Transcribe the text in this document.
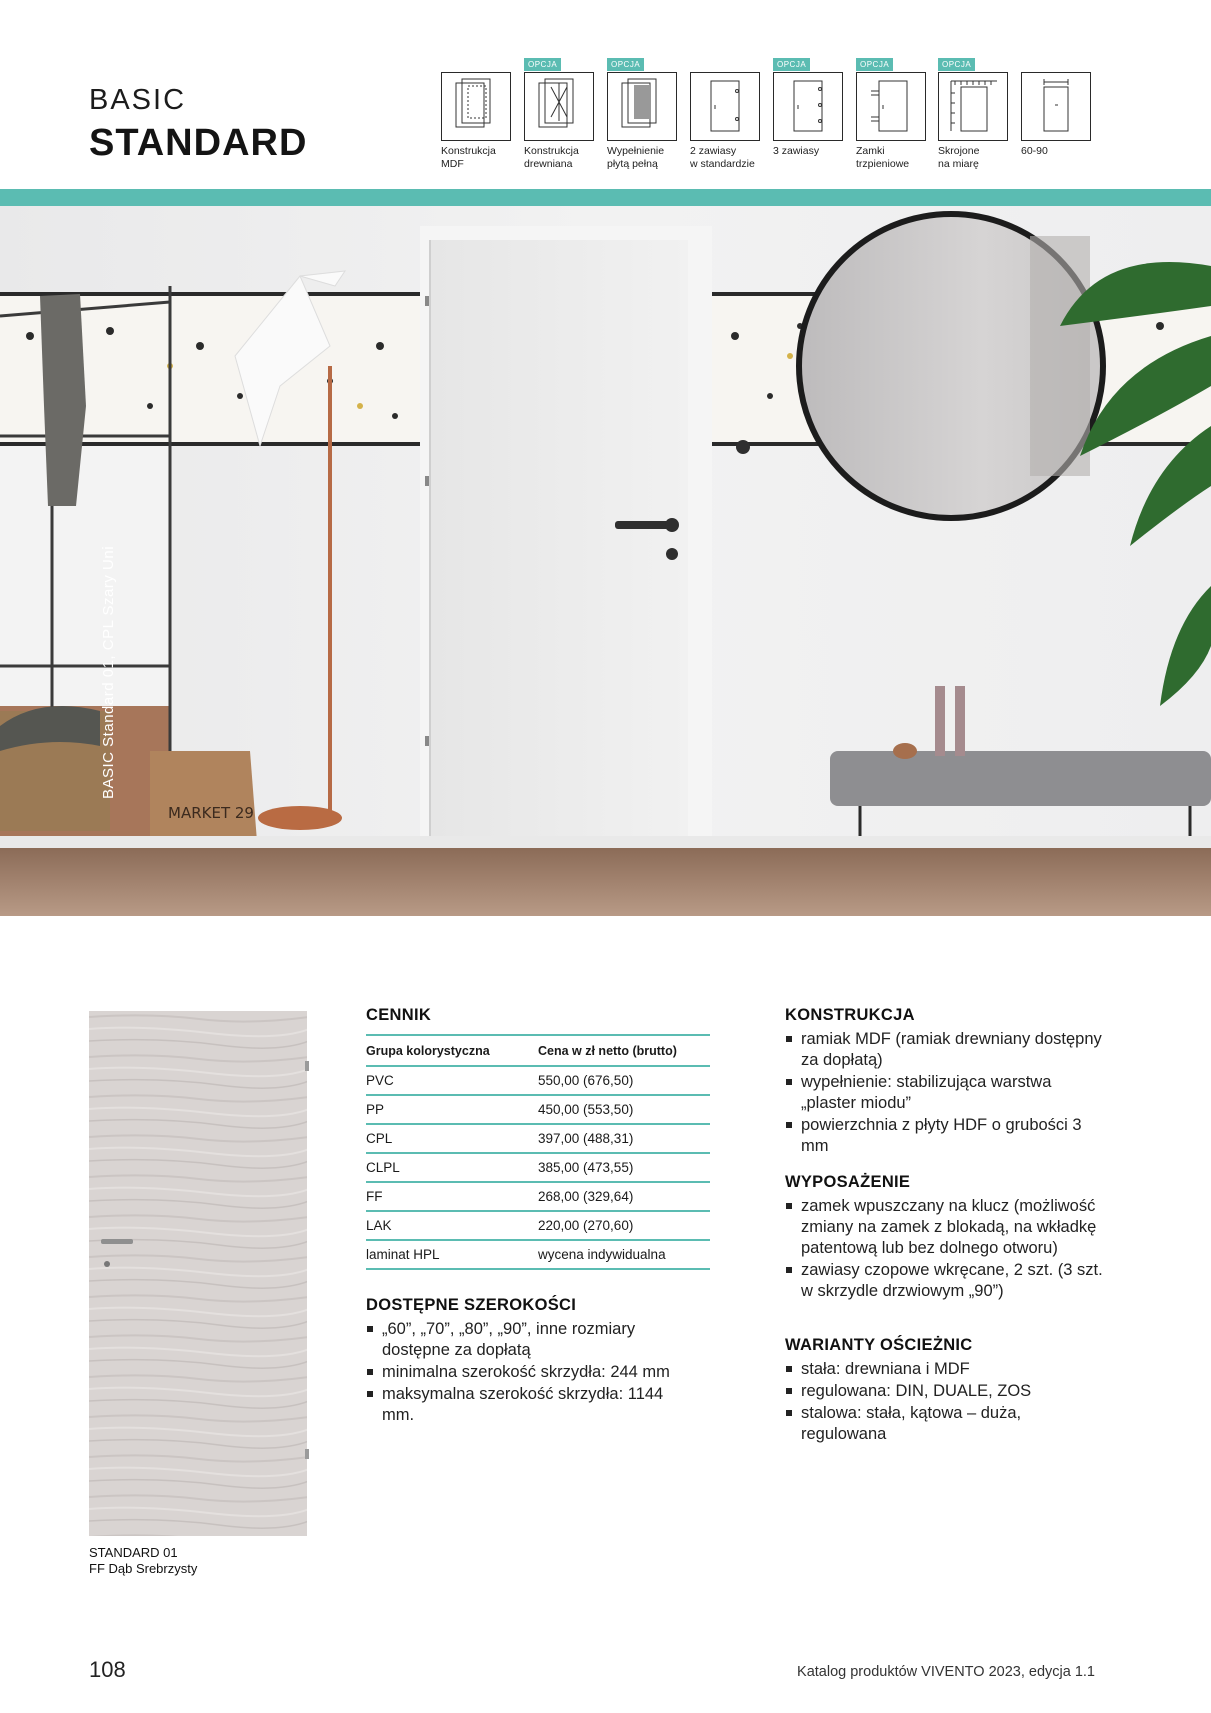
BASIC
STANDARD	Konstrukcja
MDF
OPCJA
Konstrukcja
drewniana
OPCJA
Wypełnienie
płytą pełną
2 zawiasy
w standardzie
OPCJA
3 zawiasy
OPCJA
Zamki
trzpieniowe
OPCJA
Skrojone
na miarę
60-90
MARKET 29
BASIC Standard 01, CPL Szary Uni
STANDARD 01
FF Dąb Srebrzysty
CENNIK
Grupa kolorystyczna	Cena w zł netto (brutto)
PVC	550,00 (676,50)
PP	450,00 (553,50)
CPL	397,00 (488,31)
CLPL	385,00 (473,55)
FF	268,00 (329,64)
LAK	220,00 (270,60)
laminat HPL	wycena indywidualna
DOSTĘPNE SZEROKOŚCI
„60”, „70”, „80”, „90”, inne rozmiary dostępne za dopłatą
minimalna szerokość skrzydła: 244 mm
maksymalna szerokość skrzydła: 1144 mm.
KONSTRUKCJA
ramiak MDF (ramiak drewniany dostępny za dopłatą)
wypełnienie: stabilizująca warstwa „plaster miodu”
powierzchnia z płyty HDF o grubości 3 mm
WYPOSAŻENIE
zamek wpuszczany na klucz (możliwość zmiany na zamek z blokadą, na wkładkę patentową lub bez dolnego otworu)
zawiasy czopowe wkręcane, 2 szt. (3 szt. w skrzydle drzwiowym „90”)
WARIANTY OŚCIEŻNIC
stała: drewniana i MDF
regulowana: DIN, DUALE, ZOS
stalowa: stała, kątowa – duża, regulowana
108	Katalog produktów VIVENTO 2023, edycja 1.1
